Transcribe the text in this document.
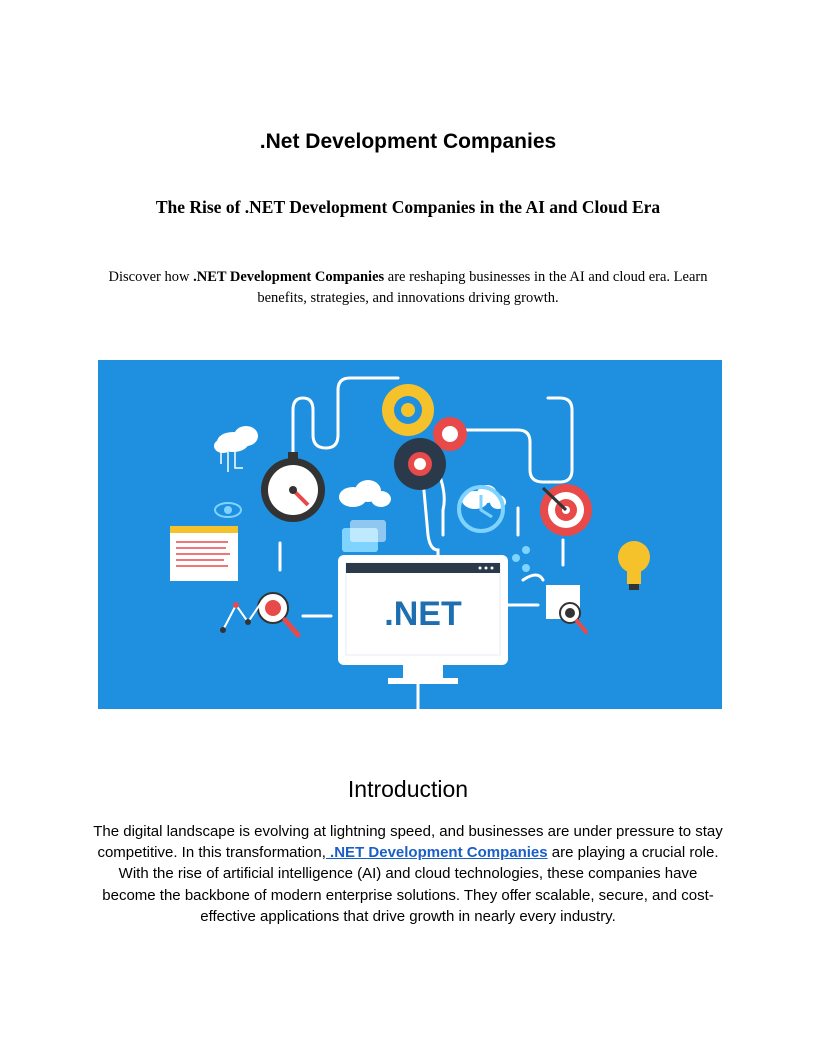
.Net Development Companies
The Rise of .NET Development Companies in the AI and Cloud Era

Discover how .NET Development Companies are reshaping businesses in the AI and cloud era. Learn benefits, strategies, and innovations driving growth.

.NET
Introduction

The digital landscape is evolving at lightning speed, and businesses are under pressure to stay competitive. In this transformation, .NET Development Companies are playing a crucial role. With the rise of artificial intelligence (AI) and cloud technologies, these companies have become the backbone of modern enterprise solutions. They offer scalable, secure, and cost-effective applications that drive growth in nearly every industry.
